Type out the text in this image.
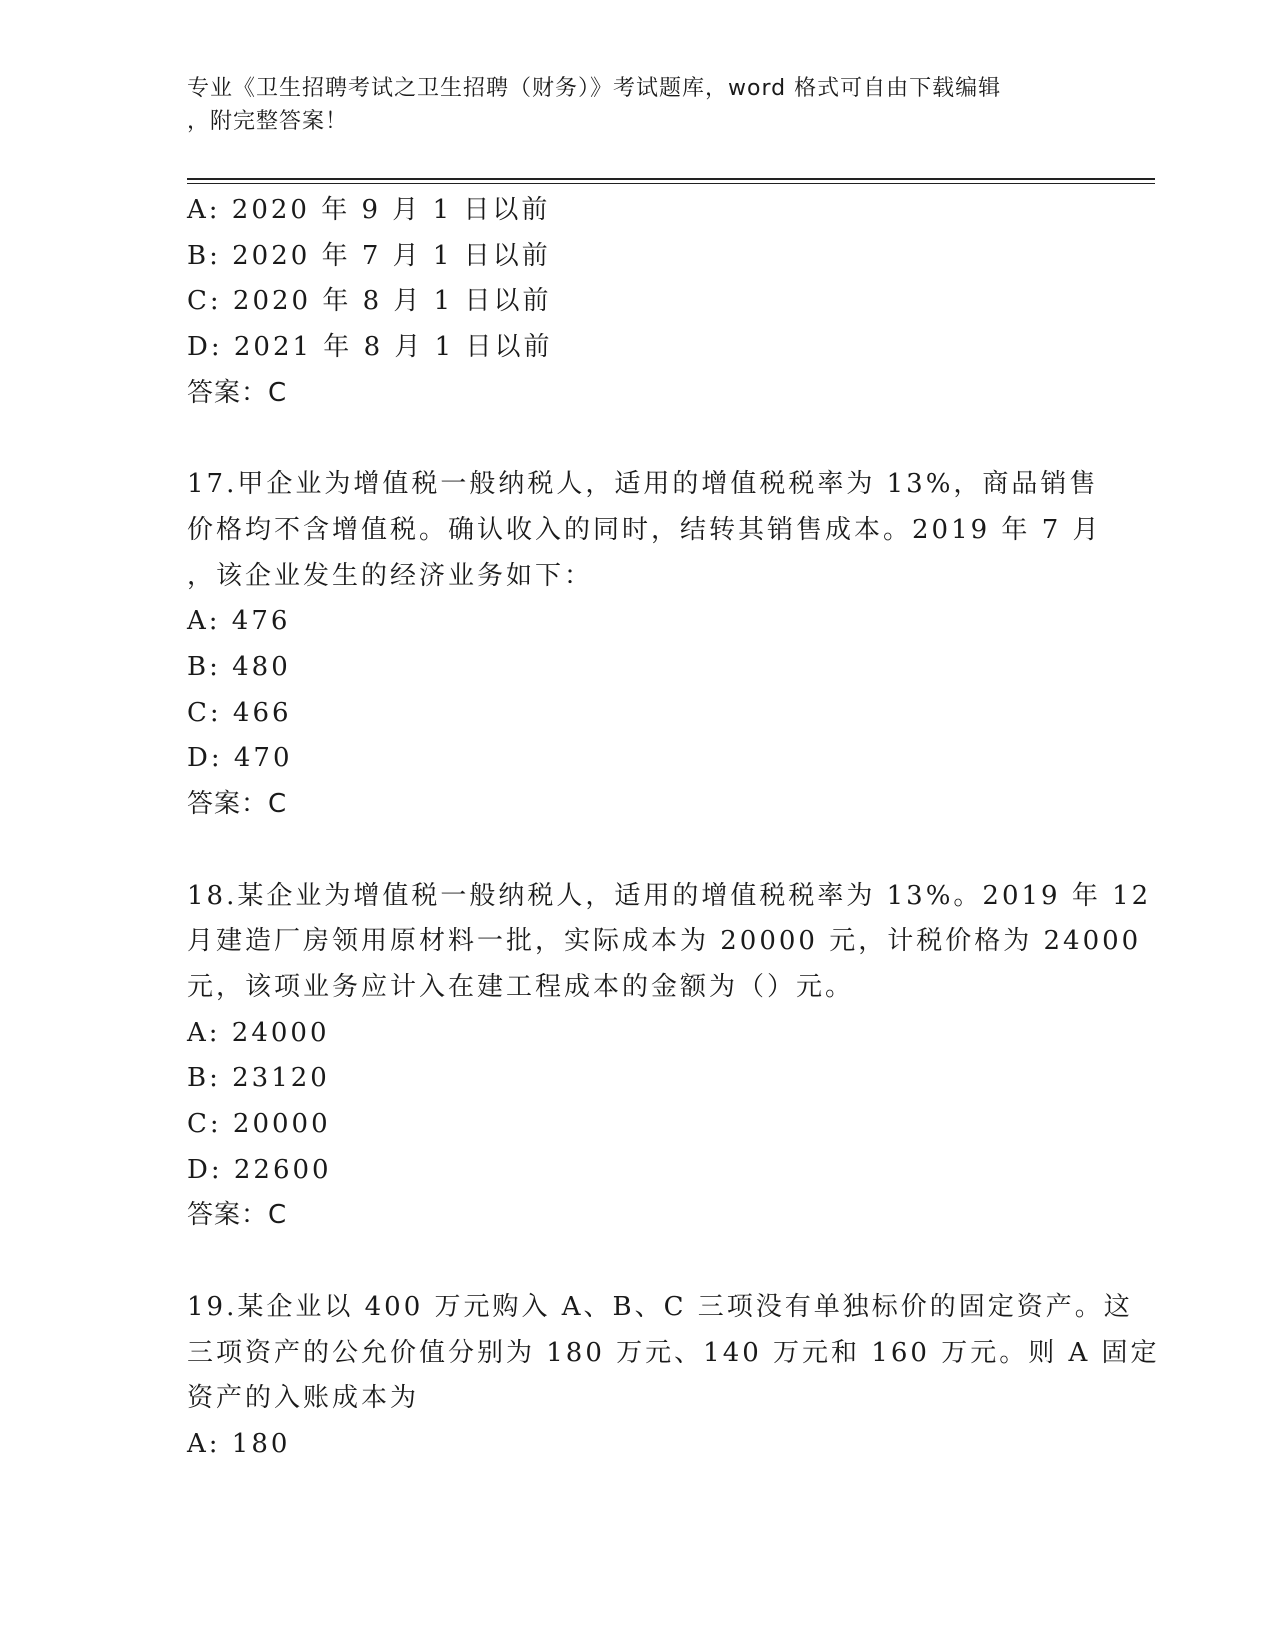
专业《卫生招聘考试之卫生招聘（财务）》考试题库，word 格式可自由下载编辑
，附完整答案！
A: 2020 年 9 月 1 日以前
B: 2020 年 7 月 1 日以前
C: 2020 年 8 月 1 日以前
D: 2021 年 8 月 1 日以前
答案：C
17.甲企业为增值税一般纳税人，适用的增值税税率为 13%，商品销售
价格均不含增值税。确认收入的同时，结转其销售成本。2019 年 7 月
，该企业发生的经济业务如下：
A: 476
B: 480
C: 466
D: 470
答案：C
18.某企业为增值税一般纳税人，适用的增值税税率为 13%。2019 年 12
月建造厂房领用原材料一批，实际成本为 20000 元，计税价格为 24000
元，该项业务应计入在建工程成本的金额为（）元。
A: 24000
B: 23120
C: 20000
D: 22600
答案：C
19.某企业以 400 万元购入 A、B、C 三项没有单独标价的固定资产。这
三项资产的公允价值分别为 180 万元、140 万元和 160 万元。则 A 固定
资产的入账成本为
A: 180
